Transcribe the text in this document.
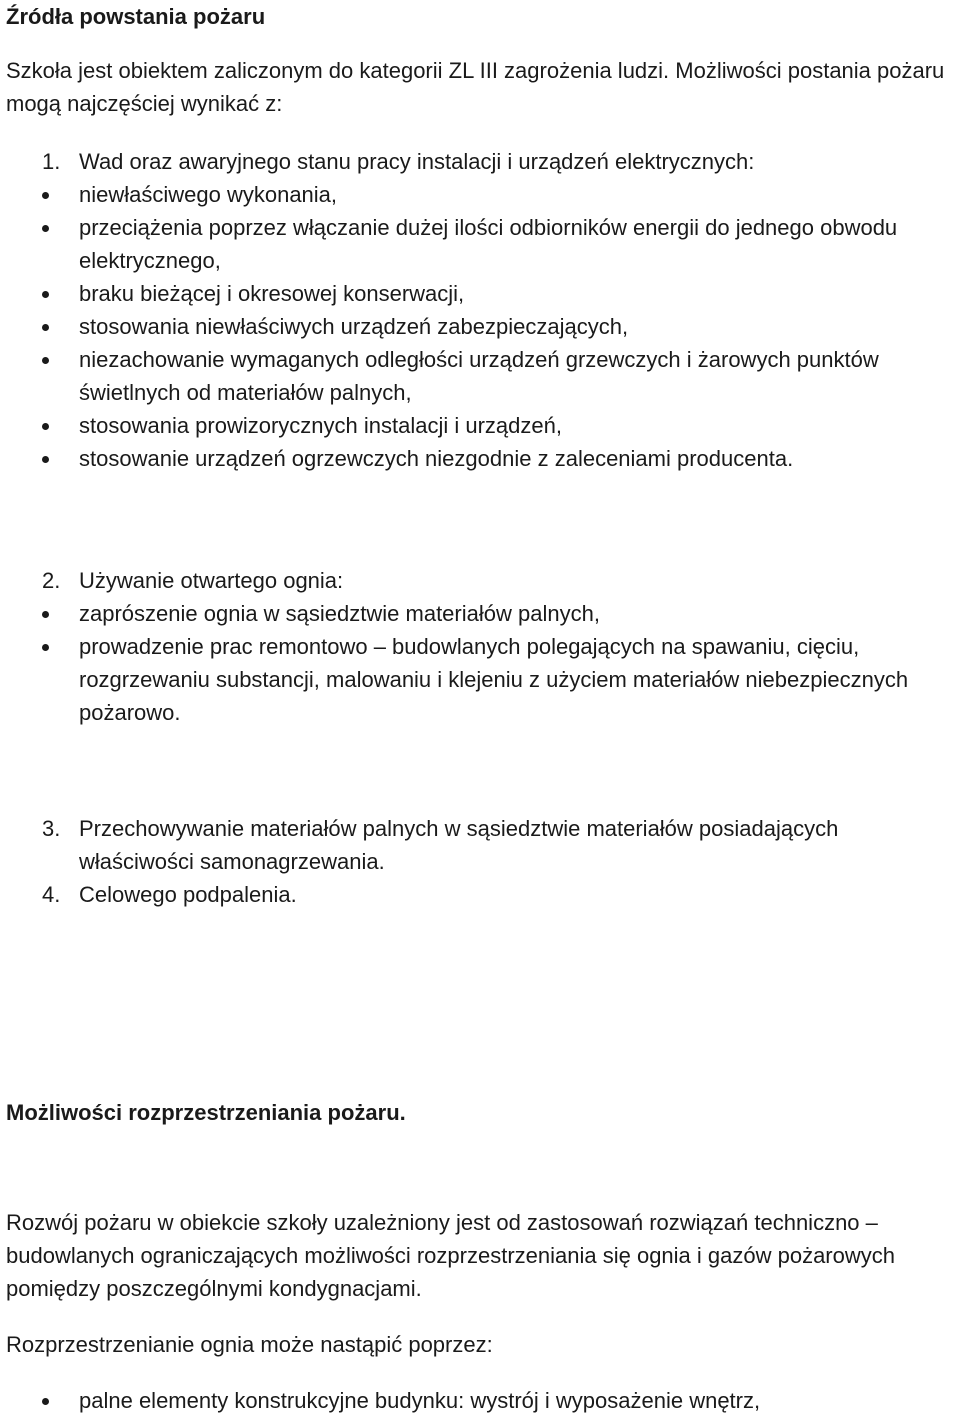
Źródła powstania pożaru

Szkoła jest obiektem zaliczonym do kategorii ZL III zagrożenia ludzi. Możliwości postania pożaru mogą najczęściej wynikać z:

1. Wad oraz awaryjnego stanu pracy instalacji i urządzeń elektrycznych:
niewłaściwego wykonania,
przeciążenia poprzez włączanie dużej ilości odbiorników energii do jednego obwodu elektrycznego,
braku bieżącej i okresowej konserwacji,
stosowania niewłaściwych urządzeń zabezpieczających,
niezachowanie wymaganych odległości urządzeń grzewczych i żarowych punktów świetlnych od materiałów palnych,
stosowania prowizorycznych instalacji i urządzeń,
stosowanie urządzeń ogrzewczych niezgodnie z zaleceniami producenta.
2. Używanie otwartego ognia:
zaprószenie ognia w sąsiedztwie materiałów palnych,
prowadzenie prac remontowo – budowlanych polegających na spawaniu, cięciu, rozgrzewaniu substancji, malowaniu i klejeniu z użyciem materiałów niebezpiecznych pożarowo.
3. Przechowywanie materiałów palnych w sąsiedztwie materiałów posiadających właściwości samonagrzewania.
4. Celowego podpalenia.
Możliwości rozprzestrzeniania pożaru.

Rozwój pożaru w obiekcie szkoły uzależniony jest od zastosowań rozwiązań techniczno – budowlanych ograniczających możliwości rozprzestrzeniania się ognia i gazów pożarowych pomiędzy poszczególnymi kondygnacjami.

Rozprzestrzenianie ognia może nastąpić poprzez:

palne elementy konstrukcyjne budynku: wystrój i wyposażenie wnętrz,
